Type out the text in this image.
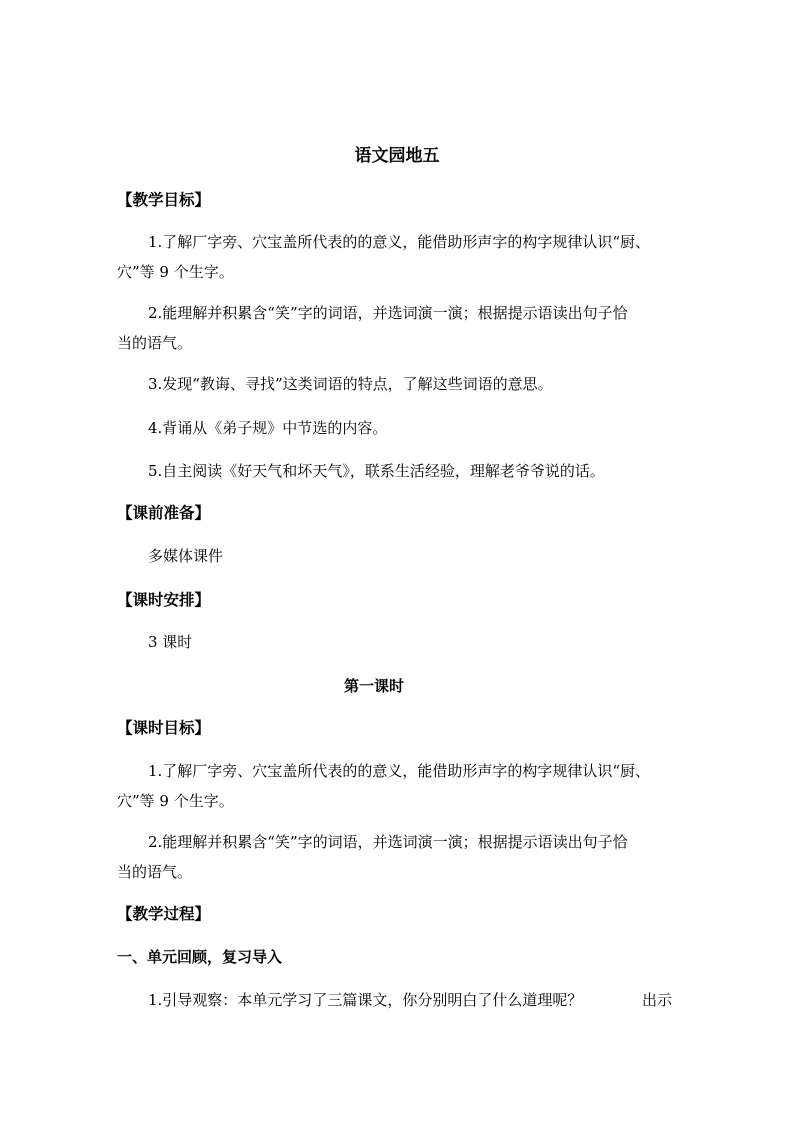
语文园地五
【教学目标】
1.了解厂字旁、穴宝盖所代表的的意义，能借助形声字的构字规律认识“厨、
穴”等 9 个生字。
2.能理解并积累含“笑”字的词语，并选词演一演；根据提示语读出句子恰
当的语气。
3.发现“教诲、寻找”这类词语的特点，了解这些词语的意思。
4.背诵从《弟子规》中节选的内容。
5.自主阅读《好天气和坏天气》，联系生活经验，理解老爷爷说的话。
【课前准备】
多媒体课件
【课时安排】
3 课时
第一课时
【课时目标】
1.了解厂字旁、穴宝盖所代表的的意义，能借助形声字的构字规律认识“厨、
穴”等 9 个生字。
2.能理解并积累含“笑”字的词语，并选词演一演；根据提示语读出句子恰
当的语气。
【教学过程】
一、单元回顾，复习导入
1.引导观察：本单元学习了三篇课文，你分别明白了什么道理呢？	出示
